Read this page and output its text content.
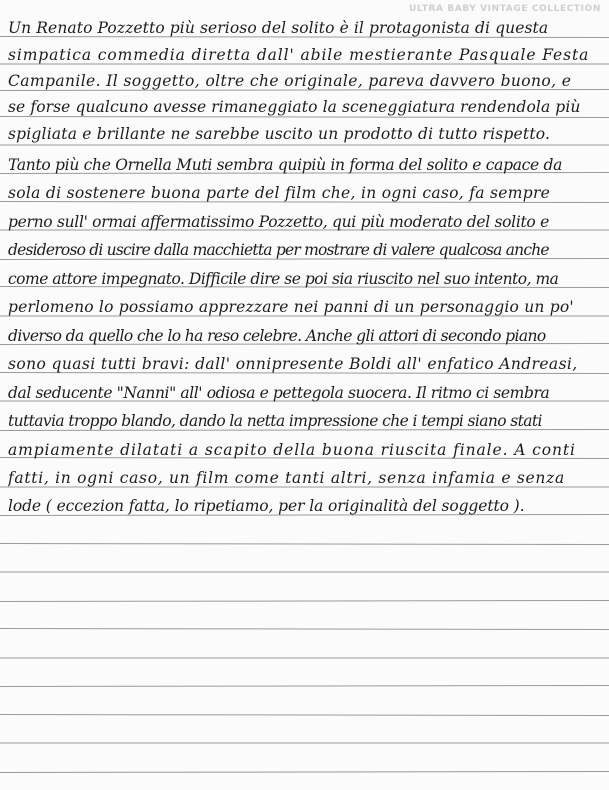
ULTRA BABY VINTAGE COLLECTION
Un Renato Pozzetto più serioso del solito è il protagonista di questa
simpatica commedia diretta dall' abile mestierante Pasquale Festa
Campanile. Il soggetto, oltre che originale, pareva davvero buono, e
se forse qualcuno avesse rimaneggiato la sceneggiatura rendendola più
spigliata e brillante ne sarebbe uscito un prodotto di tutto rispetto.
Tanto più che Ornella Muti sembra quipiù in forma del solito e capace da
sola di sostenere buona parte del film che, in ogni caso, fa sempre
perno sull' ormai affermatissimo Pozzetto, qui più moderato del solito e
desideroso di uscire dalla macchietta per mostrare di valere qualcosa anche
come attore impegnato. Difficile dire se poi sia riuscito nel suo intento, ma
perlomeno lo possiamo apprezzare nei panni di un personaggio un po'
diverso da quello che lo ha reso celebre. Anche gli attori di secondo piano
sono quasi tutti bravi: dall' onnipresente Boldi all' enfatico Andreasi,
dal seducente "Nanni" all' odiosa e pettegola suocera. Il ritmo ci sembra
tuttavia troppo blando, dando la netta impressione che i tempi siano stati
ampiamente dilatati a scapito della buona riuscita finale. A conti
fatti, in ogni caso, un film come tanti altri, senza infamia e senza
lode ( eccezion fatta, lo ripetiamo, per la originalità del soggetto ).
